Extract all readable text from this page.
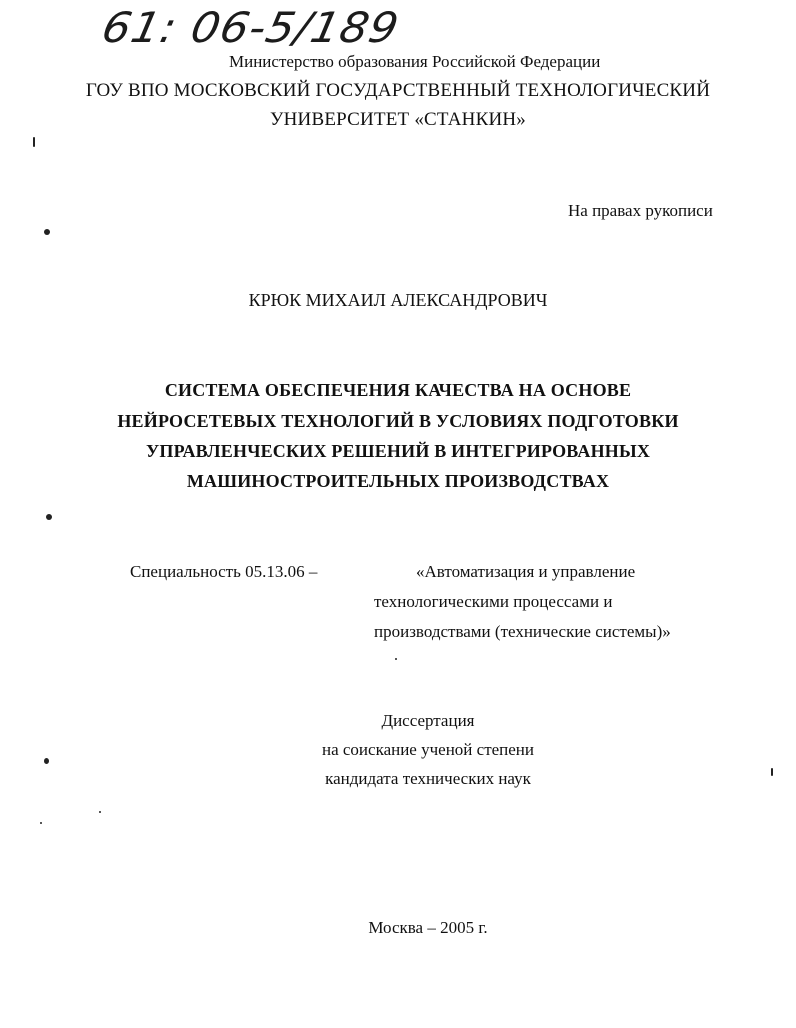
61: 06-5/189
Министерство образования Российской Федерации
ГОУ ВПО МОСКОВСКИЙ ГОСУДАРСТВЕННЫЙ ТЕХНОЛОГИЧЕСКИЙ
УНИВЕРСИТЕТ «СТАНКИН»
На правах рукописи
КРЮК МИХАИЛ АЛЕКСАНДРОВИЧ
СИСТЕМА ОБЕСПЕЧЕНИЯ КАЧЕСТВА НА ОСНОВЕ
НЕЙРОСЕТЕВЫХ ТЕХНОЛОГИЙ В УСЛОВИЯХ ПОДГОТОВКИ
УПРАВЛЕНЧЕСКИХ РЕШЕНИЙ В ИНТЕГРИРОВАННЫХ
МАШИНОСТРОИТЕЛЬНЫХ ПРОИЗВОДСТВАХ
Специальность 05.13.06 –	«Автоматизация и управление
технологическими процессами и
производствами (технические системы)»
Диссертация
на соискание ученой степени
кандидата технических наук
Москва – 2005 г.
